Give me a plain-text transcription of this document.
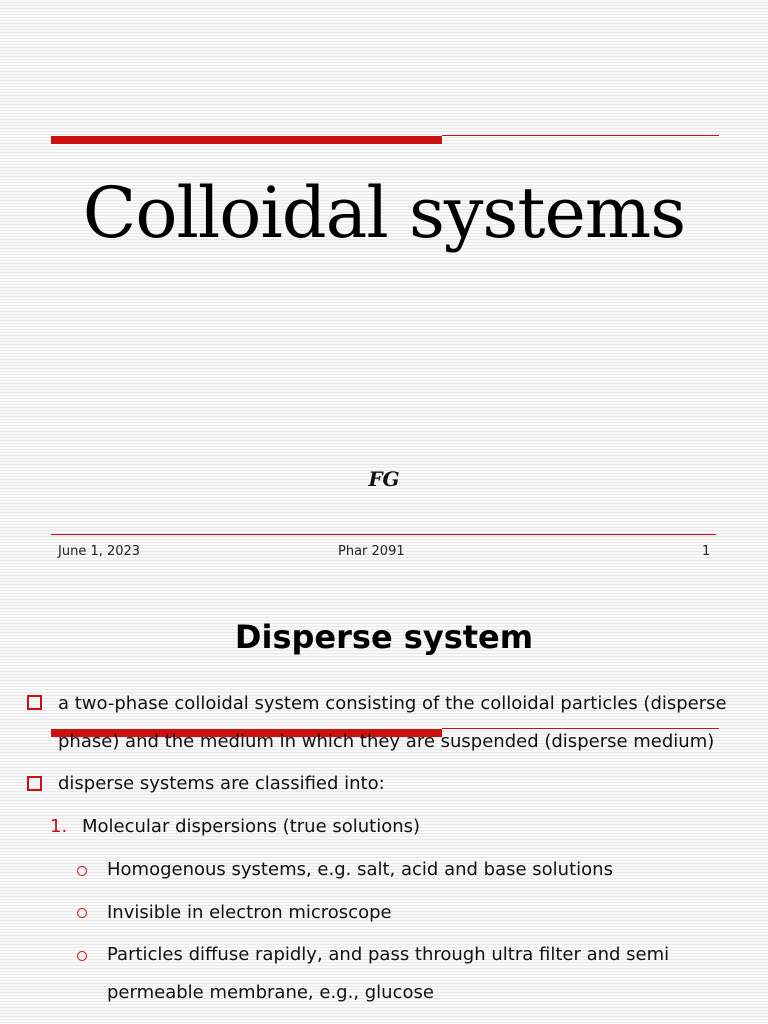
Colloidal systems
FG
June 1, 2023	Phar 2091	1
Disperse system
a two-phase colloidal system consisting of the colloidal particles (disperse
phase) and the medium in which they are suspended (disperse medium)
disperse systems are classified into:
1. Molecular dispersions (true solutions)
Homogenous systems, e.g. salt, acid and base solutions
Invisible in electron microscope
Particles diffuse rapidly, and pass through ultra filter and semi
permeable membrane, e.g., glucose
